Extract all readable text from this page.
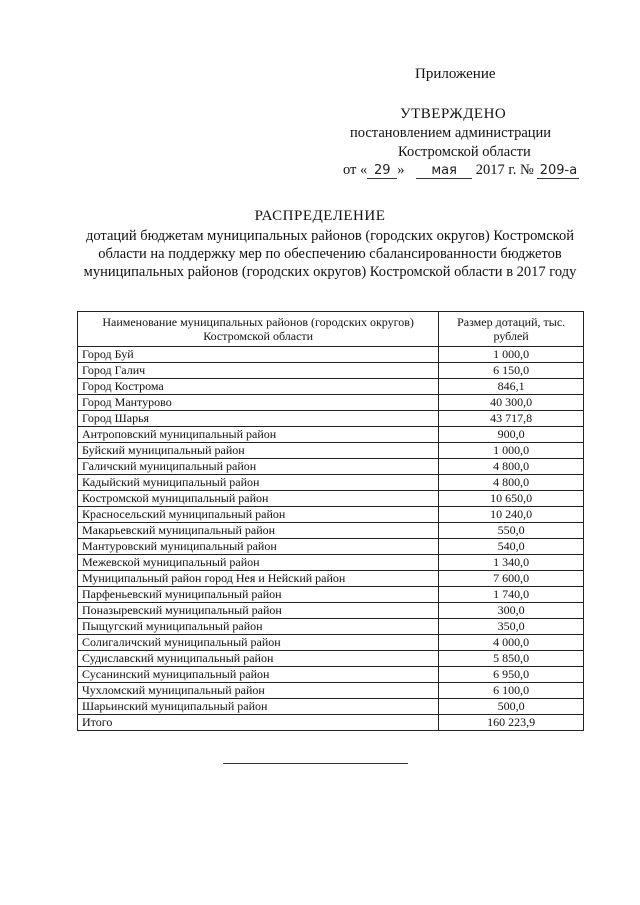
Приложение
УТВЕРЖДЕНО
постановлением администрации
Костромской области
от « 29 » мая 2017 г. № 209-а
РАСПРЕДЕЛЕНИЕ
дотаций бюджетам муниципальных районов (городских округов) Костромской области на поддержку мер по обеспечению сбалансированности бюджетов муниципальных районов (городских округов) Костромской области в 2017 году
Наименование муниципальных районов (городских округов) Костромской области	Размер дотаций, тыс. рублей
Город Буй	1 000,0
Город Галич	6 150,0
Город Кострома	846,1
Город Мантурово	40 300,0
Город Шарья	43 717,8
Антроповский муниципальный район	900,0
Буйский муниципальный район	1 000,0
Галичский муниципальный район	4 800,0
Кадыйский муниципальный район	4 800,0
Костромской муниципальный район	10 650,0
Красносельский муниципальный район	10 240,0
Макарьевский муниципальный район	550,0
Мантуровский муниципальный район	540,0
Межевской муниципальный район	1 340,0
Муниципальный район город Нея и Нейский район	7 600,0
Парфеньевский муниципальный район	1 740,0
Поназыревский муниципальный район	300,0
Пыщугский муниципальный район	350,0
Солигаличский муниципальный район	4 000,0
Судиславский муниципальный район	5 850,0
Сусанинский муниципальный район	6 950,0
Чухломский муниципальный район	6 100,0
Шарьинский муниципальный район	500,0
Итого	160 223,9
